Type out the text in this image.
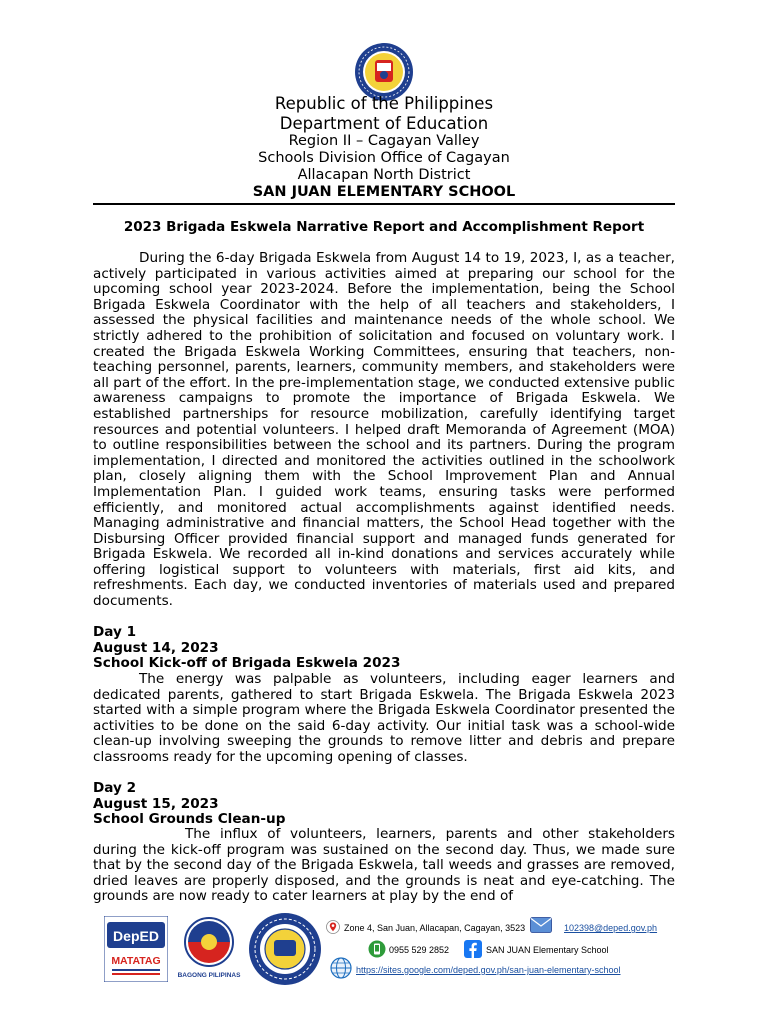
Republic of the Philippines
Department of Education
Region II – Cagayan Valley
Schools Division Office of Cagayan
Allacapan North District
SAN JUAN ELEMENTARY SCHOOL
2023 Brigada Eskwela Narrative Report and Accomplishment Report
During the 6-day Brigada Eskwela from August 14 to 19, 2023, I, as a teacher, actively participated in various activities aimed at preparing our school for the upcoming school year 2023-2024. Before the implementation, being the School Brigada Eskwela Coordinator with the help of all teachers and stakeholders, I assessed the physical facilities and maintenance needs of the whole school. We strictly adhered to the prohibition of solicitation and focused on voluntary work. I created the Brigada Eskwela Working Committees, ensuring that teachers, non-teaching personnel, parents, learners, community members, and stakeholders were all part of the effort. In the pre-implementation stage, we conducted extensive public awareness campaigns to promote the importance of Brigada Eskwela. We established partnerships for resource mobilization, carefully identifying target resources and potential volunteers. I helped draft Memoranda of Agreement (MOA) to outline responsibilities between the school and its partners. During the program implementation, I directed and monitored the activities outlined in the schoolwork plan, closely aligning them with the School Improvement Plan and Annual Implementation Plan. I guided work teams, ensuring tasks were performed efficiently, and monitored actual accomplishments against identified needs. Managing administrative and financial matters, the School Head together with the Disbursing Officer provided financial support and managed funds generated for Brigada Eskwela. We recorded all in-kind donations and services accurately while offering logistical support to volunteers with materials, first aid kits, and refreshments. Each day, we conducted inventories of materials used and prepared documents.
Day 1
August 14, 2023
School Kick-off of Brigada Eskwela 2023
The energy was palpable as volunteers, including eager learners and dedicated parents, gathered to start Brigada Eskwela. The Brigada Eskwela 2023 started with a simple program where the Brigada Eskwela Coordinator presented the activities to be done on the said 6-day activity. Our initial task was a school-wide clean-up involving sweeping the grounds to remove litter and debris and prepare classrooms ready for the upcoming opening of classes.
Day 2
August 15, 2023
School Grounds Clean-up
The influx of volunteers, learners, parents and other stakeholders during the kick-off program was sustained on the second day. Thus, we made sure that by the second day of the Brigada Eskwela, tall weeds and grasses are removed, dried leaves are properly disposed, and the grounds is neat and eye-catching. The grounds are now ready to cater learners at play by the end of
DepED
MATATAG
BAGONG PILIPINAS
Zone 4, San Juan, Allacapan, Cagayan, 3523	102398@deped.gov.ph
0955 529 2852	SAN JUAN Elementary School
https://sites.google.com/deped.gov.ph/san-juan-elementary-school
